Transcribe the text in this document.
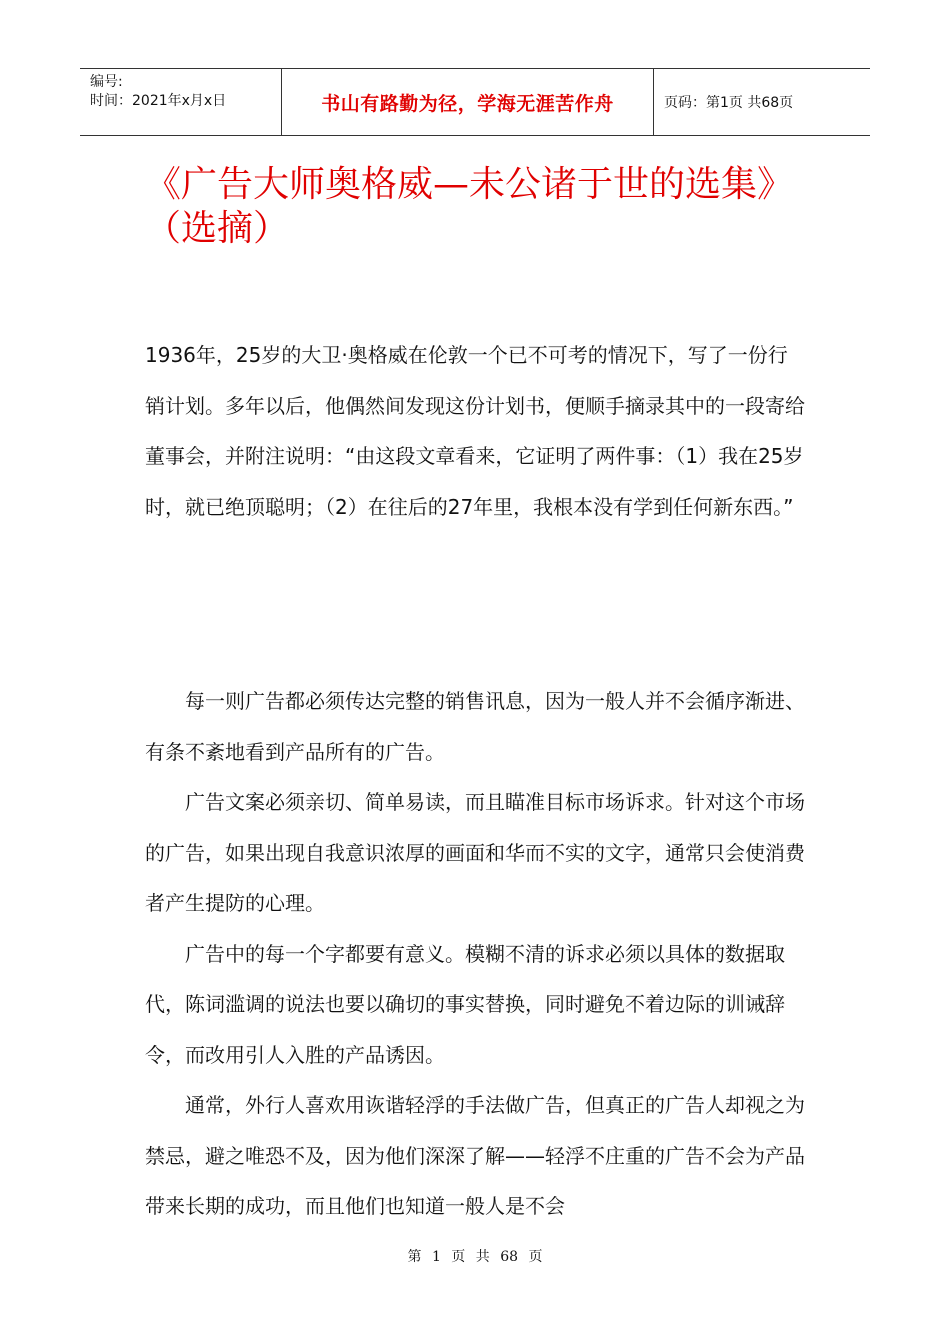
编号:
时间：2021年x月x日	书山有路勤为径，学海无涯苦作舟	页码：第1页 共68页
《广告大师奥格威—未公诸于世的选集》（选摘）

1936年，25岁的大卫·奥格威在伦敦一个已不可考的情况下，写了一份行销计划。多年以后，他偶然间发现这份计划书，便顺手摘录其中的一段寄给董事会，并附注说明：“由这段文章看来，它证明了两件事：（1）我在25岁时，就已绝顶聪明；（2）在往后的27年里，我根本没有学到任何新东西。”

每一则广告都必须传达完整的销售讯息，因为一般人并不会循序渐进、有条不紊地看到产品所有的广告。

广告文案必须亲切、简单易读，而且瞄准目标市场诉求。针对这个市场的广告，如果出现自我意识浓厚的画面和华而不实的文字，通常只会使消费者产生提防的心理。

广告中的每一个字都要有意义。模糊不清的诉求必须以具体的数据取代，陈词滥调的说法也要以确切的事实替换，同时避免不着边际的训诫辞令，而改用引人入胜的产品诱因。

通常，外行人喜欢用诙谐轻浮的手法做广告，但真正的广告人却视之为禁忌，避之唯恐不及，因为他们深深了解——轻浮不庄重的广告不会为产品带来长期的成功，而且他们也知道一般人是不会

第 1 页 共 68 页
